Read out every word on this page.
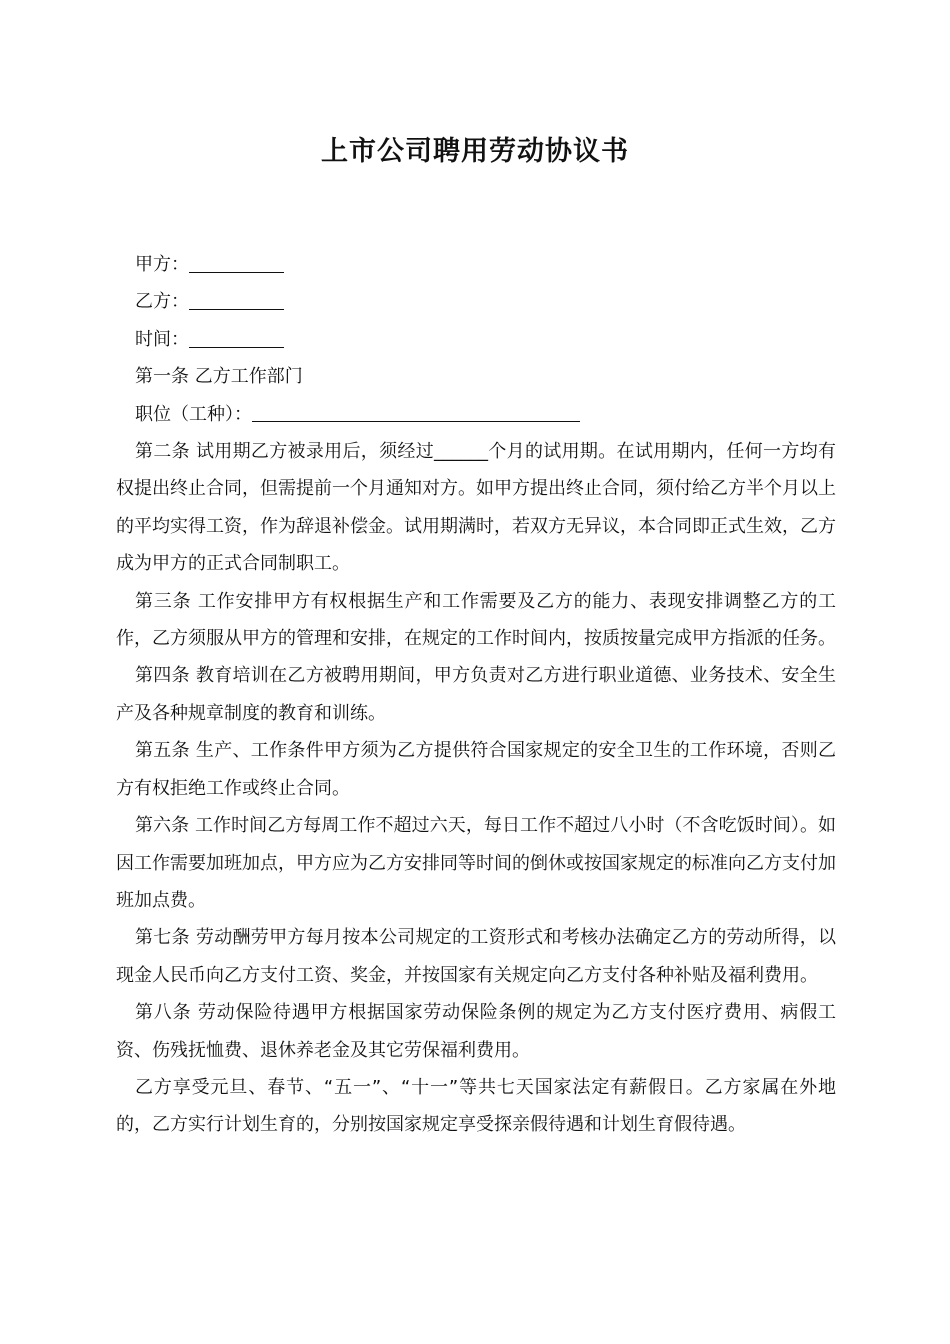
上市公司聘用劳动协议书

甲方：

乙方：

时间：

第一条 乙方工作部门

职位（工种）：

第二条 试用期乙方被录用后，须经过______个月的试用期。在试用期内，任何一方均有权提出终止合同，但需提前一个月通知对方。如甲方提出终止合同，须付给乙方半个月以上的平均实得工资，作为辞退补偿金。试用期满时，若双方无异议，本合同即正式生效，乙方成为甲方的正式合同制职工。

第三条 工作安排甲方有权根据生产和工作需要及乙方的能力、表现安排调整乙方的工作，乙方须服从甲方的管理和安排，在规定的工作时间内，按质按量完成甲方指派的任务。

第四条 教育培训在乙方被聘用期间，甲方负责对乙方进行职业道德、业务技术、安全生产及各种规章制度的教育和训练。

第五条 生产、工作条件甲方须为乙方提供符合国家规定的安全卫生的工作环境，否则乙方有权拒绝工作或终止合同。

第六条 工作时间乙方每周工作不超过六天，每日工作不超过八小时（不含吃饭时间）。如因工作需要加班加点，甲方应为乙方安排同等时间的倒休或按国家规定的标准向乙方支付加班加点费。

第七条 劳动酬劳甲方每月按本公司规定的工资形式和考核办法确定乙方的劳动所得，以现金人民币向乙方支付工资、奖金，并按国家有关规定向乙方支付各种补贴及福利费用。

第八条 劳动保险待遇甲方根据国家劳动保险条例的规定为乙方支付医疗费用、病假工资、伤残抚恤费、退休养老金及其它劳保福利费用。

乙方享受元旦、春节、“五一”、“十一”等共七天国家法定有薪假日。乙方家属在外地的，乙方实行计划生育的，分别按国家规定享受探亲假待遇和计划生育假待遇。
